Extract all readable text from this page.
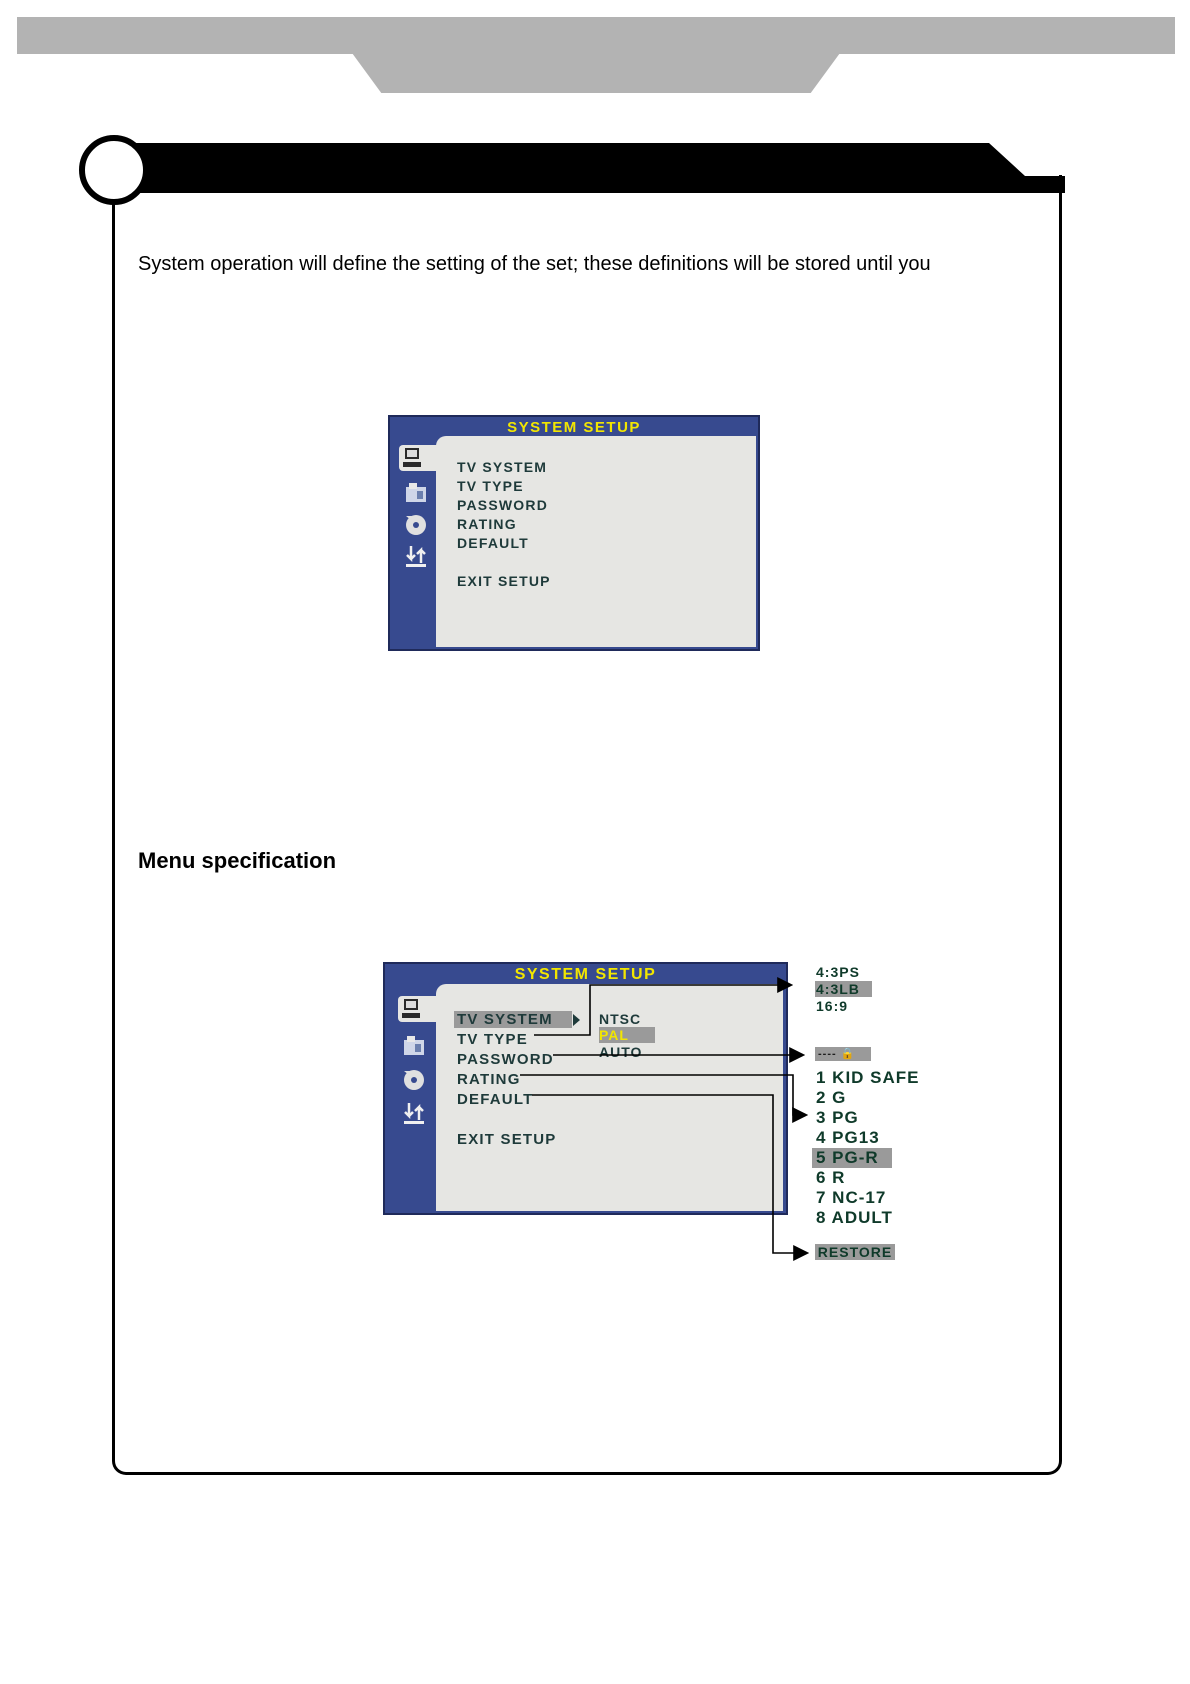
System operation will define the setting of the set; these definitions will be stored until you
Menu specification
SYSTEM SETUP
TV SYSTEM
TV TYPE
PASSWORD
RATING
DEFAULT
EXIT SETUP
SYSTEM SETUP
TV SYSTEM
TV TYPE
PASSWORD
RATING
DEFAULT
EXIT SETUP
NTSC
PAL
AUTO
4:3PS
4:3LB
16:9
---- 🔒
1 KID SAFE
2 G
3 PG
4 PG13
5 PG-R
6 R
7 NC-17
8 ADULT
RESTORE
